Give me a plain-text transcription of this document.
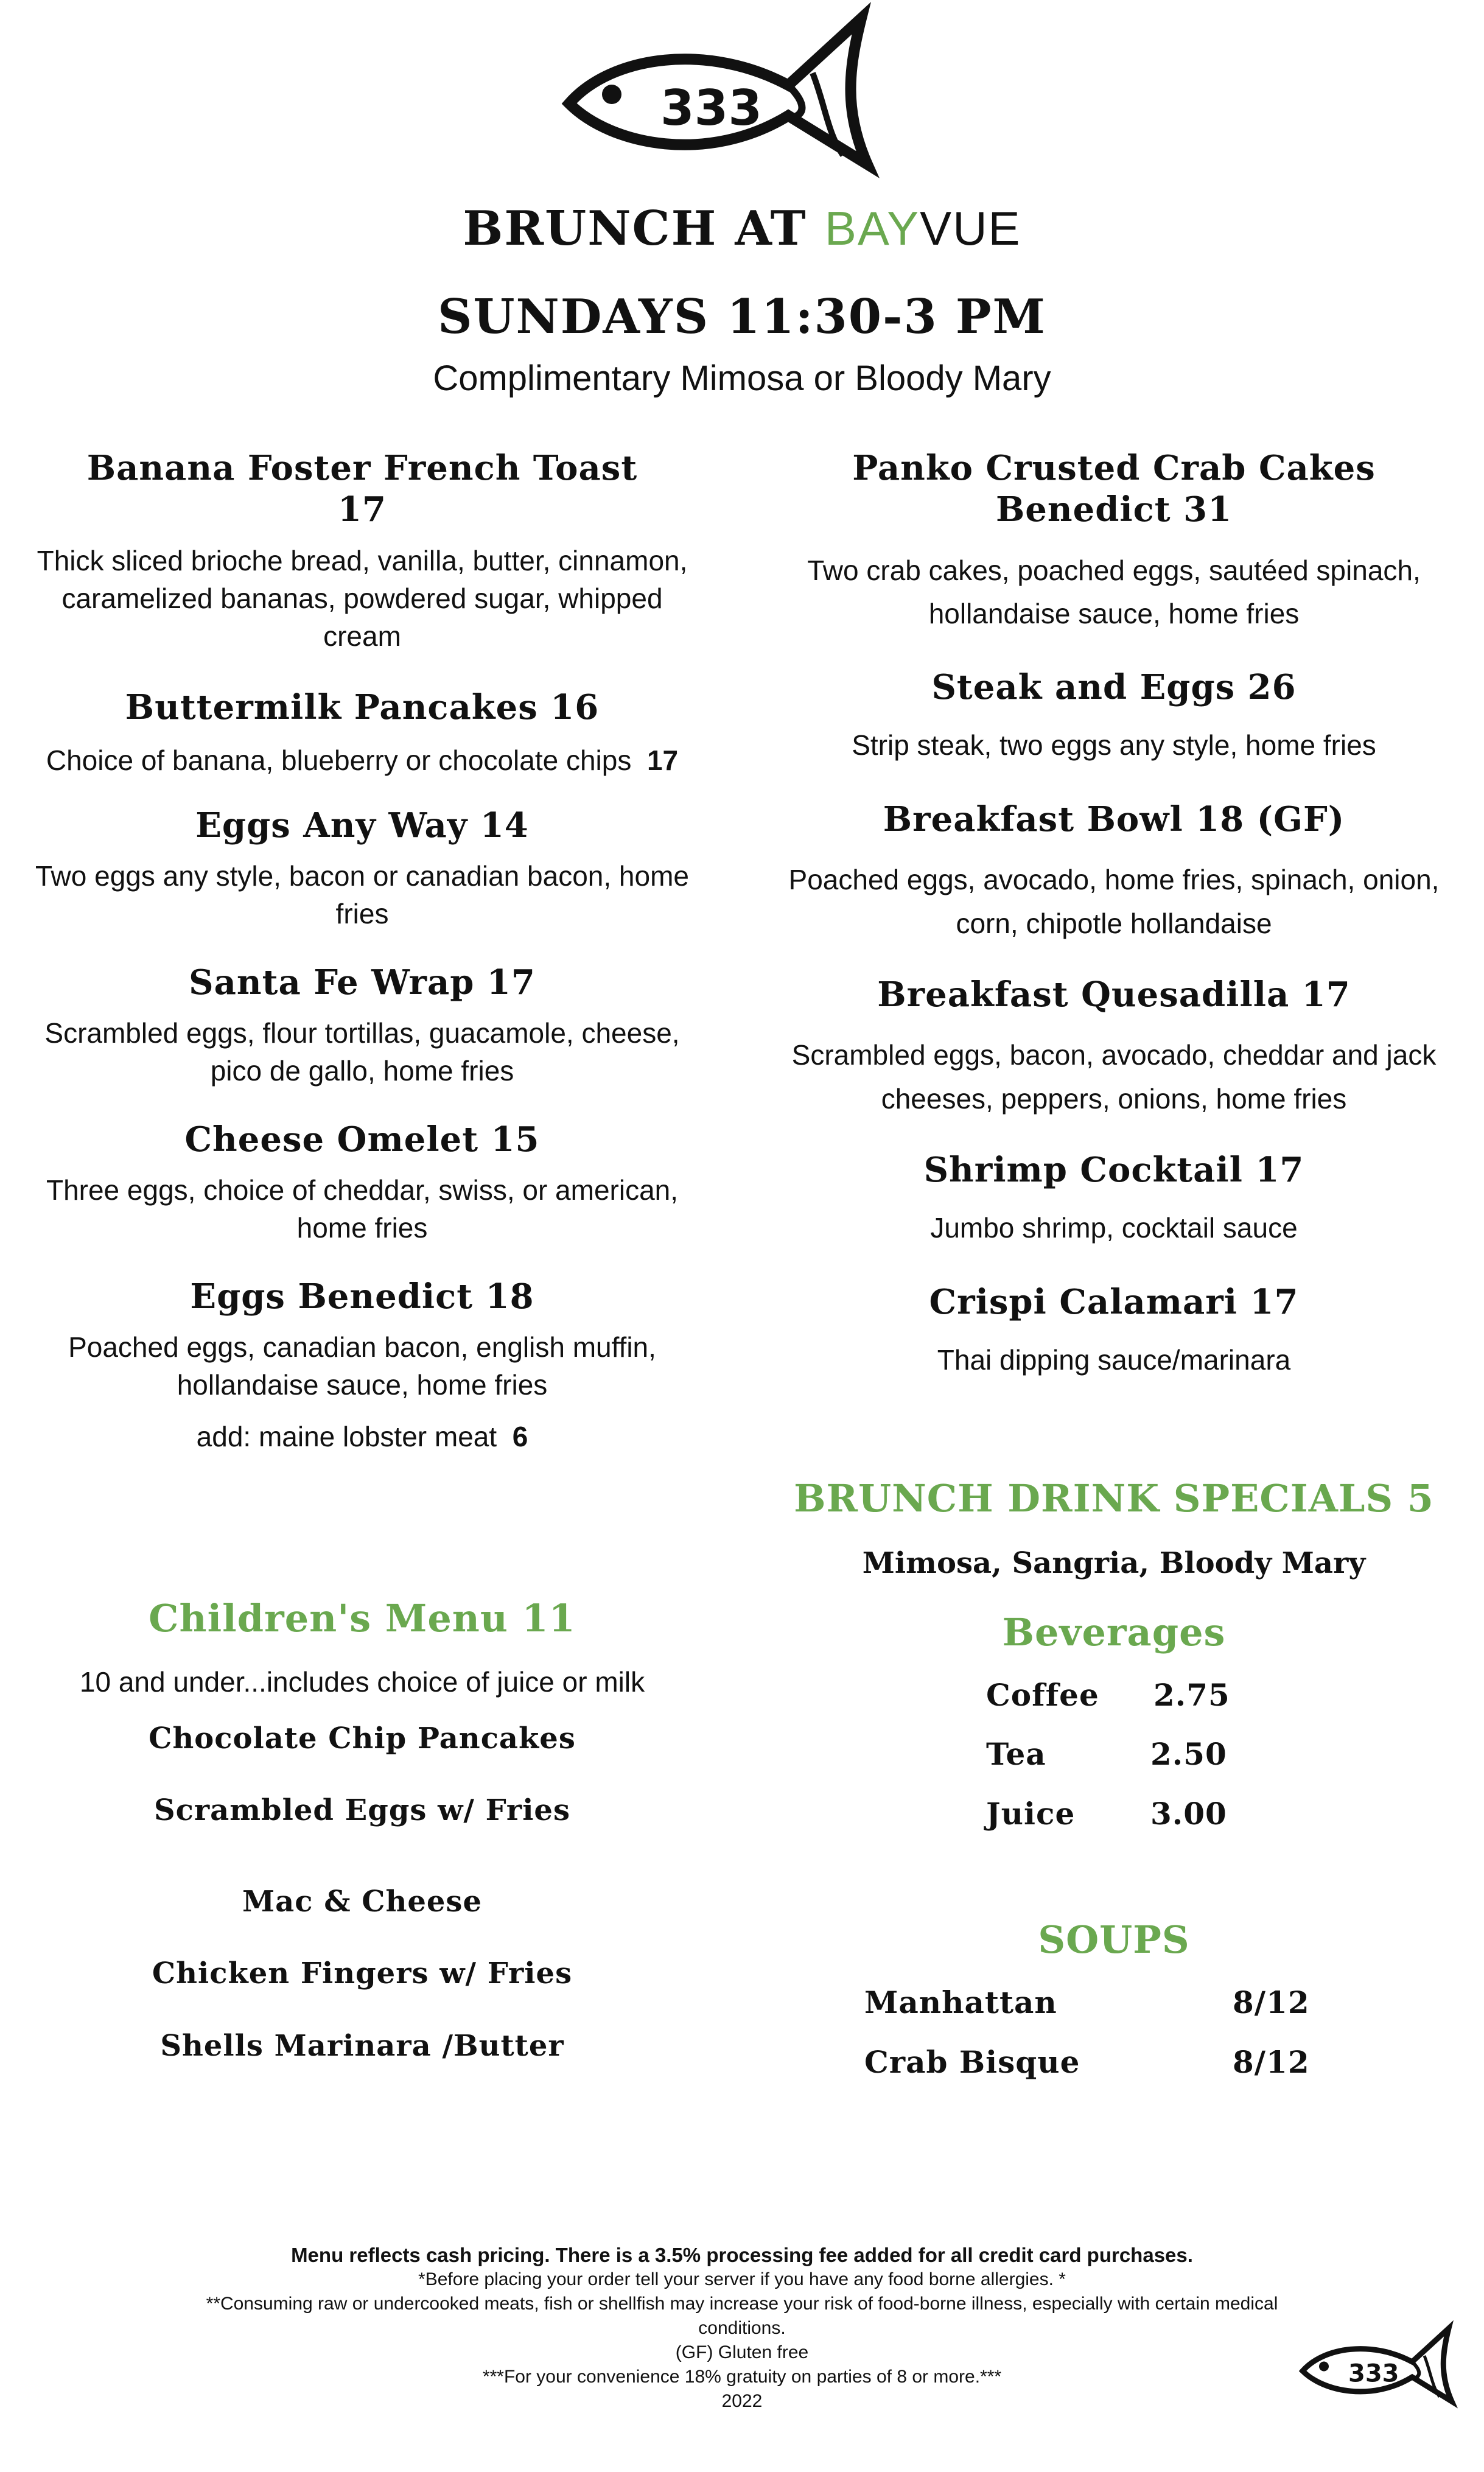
333
BRUNCH AT BAYVUE
SUNDAYS 11:30-3 PM
Complimentary Mimosa or Bloody Mary
Banana Foster French Toast
17
Thick sliced brioche bread, vanilla, butter, cinnamon, caramelized bananas, powdered sugar, whipped cream
Buttermilk Pancakes 16
Choice of banana, blueberry or chocolate chips 17
Eggs Any Way 14
Two eggs any style, bacon or canadian bacon, home fries
Santa Fe Wrap 17
Scrambled eggs, flour tortillas, guacamole, cheese, pico de gallo, home fries
Cheese Omelet 15
Three eggs, choice of cheddar, swiss, or american, home fries
Eggs Benedict 18
Poached eggs, canadian bacon, english muffin, hollandaise sauce, home fries
add: maine lobster meat 6
Panko Crusted Crab Cakes
Benedict 31
Two crab cakes, poached eggs, sautéed spinach, hollandaise sauce, home fries
Steak and Eggs 26
Strip steak, two eggs any style, home fries
Breakfast Bowl 18 (GF)
Poached eggs, avocado, home fries, spinach, onion, corn, chipotle hollandaise
Breakfast Quesadilla 17
Scrambled eggs, bacon, avocado, cheddar and jack cheeses, peppers, onions, home fries
Shrimp Cocktail 17
Jumbo shrimp, cocktail sauce
Crispi Calamari 17
Thai dipping sauce/marinara
BRUNCH DRINK SPECIALS 5
Mimosa, Sangria, Bloody Mary
Beverages
Coffee 2.75
Tea	2.50
Juice 3.00
SOUPS
Manhattan	8/12
Crab Bisque	8/12
Children's Menu 11
10 and under...includes choice of juice or milk
Chocolate Chip Pancakes
Scrambled Eggs w/ Fries
Mac & Cheese
Chicken Fingers w/ Fries
Shells Marinara /Butter
Menu reflects cash pricing. There is a 3.5% processing fee added for all credit card purchases.
*Before placing your order tell your server if you have any food borne allergies. *
**Consuming raw or undercooked meats, fish or shellfish may increase your risk of food-borne illness, especially with certain medical
conditions.
(GF) Gluten free
***For your convenience 18% gratuity on parties of 8 or more.***
2022
333
